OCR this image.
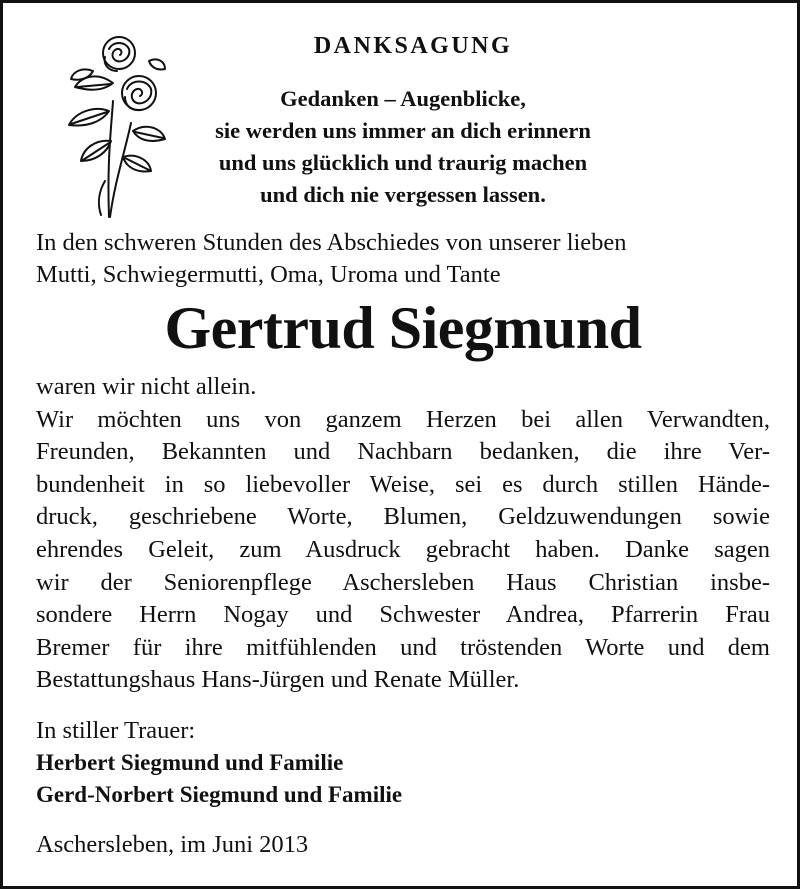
DANKSAGUNG
Gedanken – Augenblicke,
sie werden uns immer an dich erinnern
und uns glücklich und traurig machen
und dich nie vergessen lassen.
In den schweren Stunden des Abschiedes von unserer lieben
Mutti, Schwiegermutti, Oma, Uroma und Tante
Gertrud Siegmund
waren wir nicht allein.
Wir möchten uns von ganzem Herzen bei allen Verwandten,
Freunden, Bekannten und Nachbarn bedanken, die ihre Ver-
bundenheit in so liebevoller Weise, sei es durch stillen Hände-
druck, geschriebene Worte, Blumen, Geldzuwendungen sowie
ehrendes Geleit, zum Ausdruck gebracht haben. Danke sagen
wir der Seniorenpflege Aschersleben Haus Christian insbe-
sondere Herrn Nogay und Schwester Andrea, Pfarrerin Frau
Bremer für ihre mitfühlenden und tröstenden Worte und dem
Bestattungshaus Hans-Jürgen und Renate Müller.
In stiller Trauer:
Herbert Siegmund und Familie
Gerd-Norbert Siegmund und Familie
Aschersleben, im Juni 2013
